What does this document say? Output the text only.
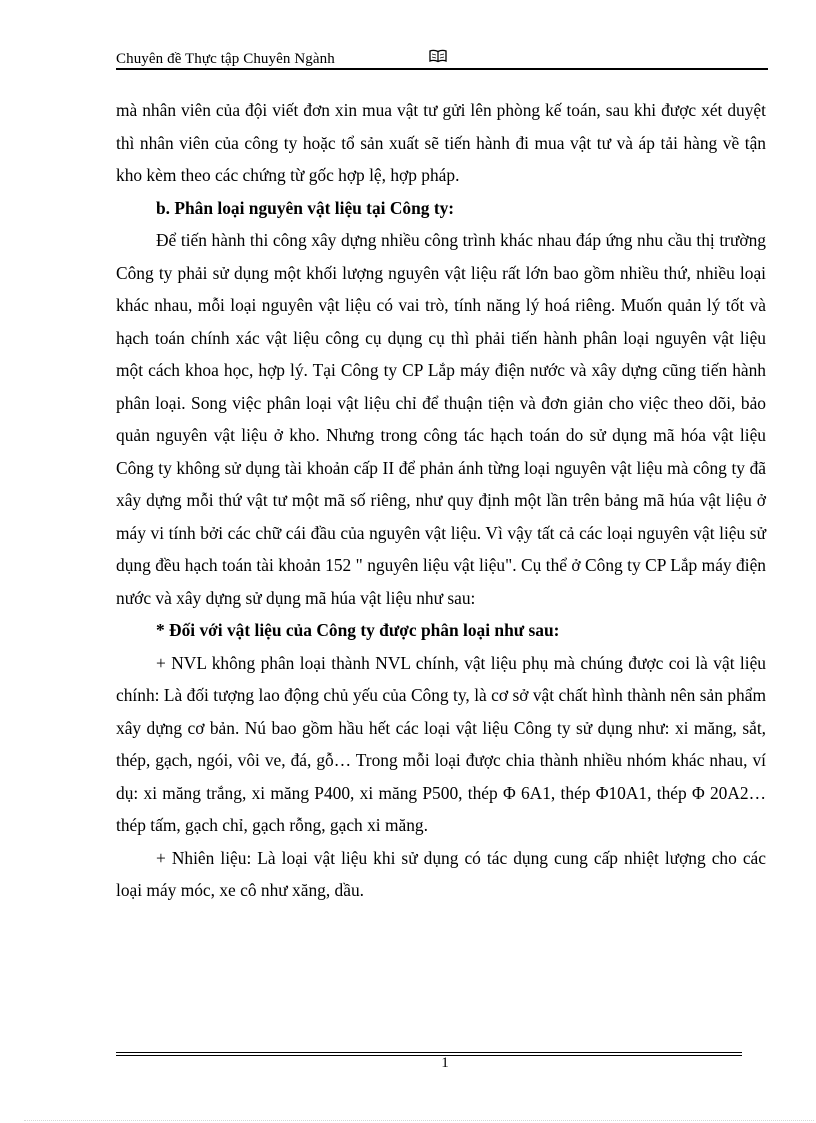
Chuyên đề Thực tập Chuyên Ngành

mà nhân viên của đội viết đơn xin mua vật tư gửi lên phòng kế toán, sau khi được xét duyệt thì nhân viên của công ty hoặc tổ sản xuất sẽ tiến hành đi mua vật tư và áp tải hàng về tận kho kèm theo các chứng từ gốc hợp lệ, hợp pháp.

b. Phân loại nguyên vật liệu tại Công ty:

Để tiến hành thi công xây dựng nhiều công trình khác nhau đáp ứng nhu cầu thị trường Công ty phải sử dụng một khối lượng nguyên vật liệu rất lớn bao gồm nhiều thứ, nhiều loại khác nhau, mỗi loại nguyên vật liệu có vai trò, tính năng lý hoá riêng. Muốn quản lý tốt và hạch toán chính xác vật liệu công cụ dụng cụ thì phải tiến hành phân loại nguyên vật liệu một cách khoa học, hợp lý. Tại Công ty CP Lắp máy điện nước và xây dựng cũng tiến hành phân loại. Song việc phân loại vật liệu chỉ để thuận tiện và đơn giản cho việc theo dõi, bảo quản nguyên vật liệu ở kho. Nhưng trong công tác hạch toán do sử dụng mã hóa vật liệu Công ty không sử dụng tài khoản cấp II để phản ánh từng loại nguyên vật liệu mà công ty đã xây dựng mỗi thứ vật tư một mã số riêng, như quy định một lần trên bảng mã húa vật liệu ở máy vi tính bởi các chữ cái đầu của nguyên vật liệu. Vì vậy tất cả các loại nguyên vật liệu sử dụng đều hạch toán tài khoản 152 " nguyên liệu vật liệu". Cụ thể ở Công ty CP Lắp máy điện nước và xây dựng sử dụng mã húa vật liệu như sau:

* Đối với vật liệu của Công ty được phân loại như sau:

+ NVL không phân loại thành NVL chính, vật liệu phụ mà chúng được coi là vật liệu chính: Là đối tượng lao động chủ yếu của Công ty, là cơ sở vật chất hình thành nên sản phẩm xây dựng cơ bản. Nú bao gồm hầu hết các loại vật liệu Công ty sử dụng như: xi măng, sắt, thép, gạch, ngói, vôi ve, đá, gỗ… Trong mỗi loại được chia thành nhiều nhóm khác nhau, ví dụ: xi măng trắng, xi măng P400, xi măng P500, thép Φ 6A1, thép Φ10A1, thép Φ 20A2… thép tấm, gạch chỉ, gạch rỗng, gạch xi măng.

+ Nhiên liệu: Là loại vật liệu khi sử dụng có tác dụng cung cấp nhiệt lượng cho các loại máy móc, xe cô như xăng, dầu.

1
